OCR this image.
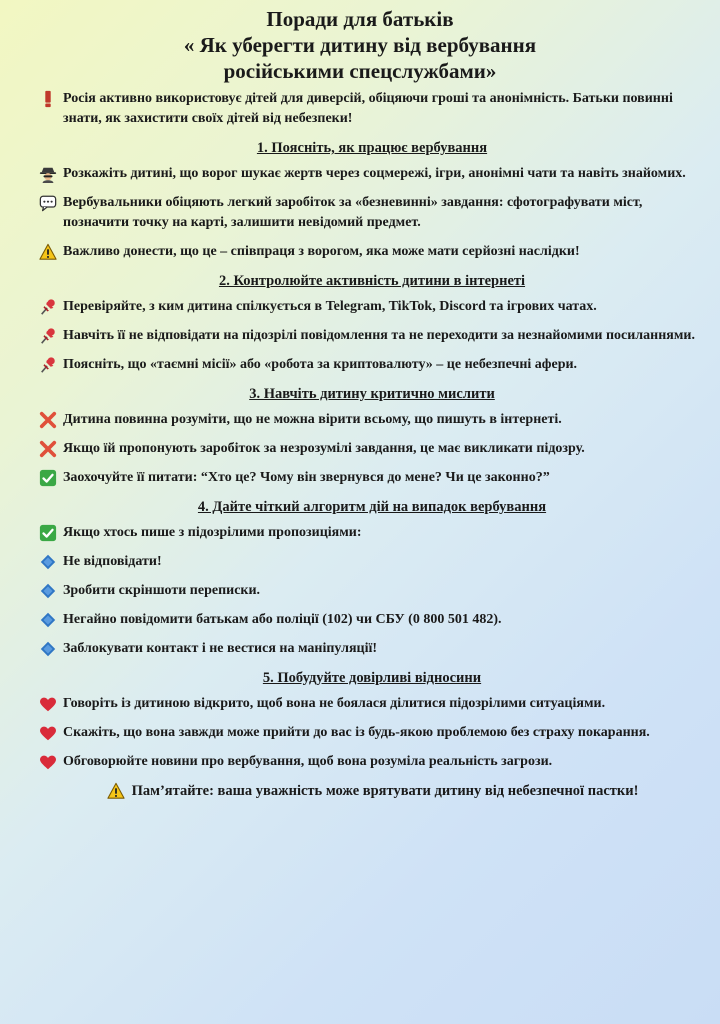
Поради для батьків
« Як уберегти дитину від вербування
російськими спецслужбами»
Росія активно використовує дітей для диверсій, обіцяючи гроші та анонімність. Батьки повинні знати, як захистити своїх дітей від небезпеки!
1. Поясніть, як працює вербування
Розкажіть дитині, що ворог шукає жертв через соцмережі, ігри, анонімні чати та навіть знайомих.
Вербувальники обіцяють легкий заробіток за «безневинні» завдання: сфотографувати міст, позначити точку на карті, залишити невідомий предмет.
Важливо донести, що це – співпраця з ворогом, яка може мати серйозні наслідки!
2. Контролюйте активність дитини в інтернеті
Перевіряйте, з ким дитина спілкується в Telegram, TikTok, Discord та ігрових чатах.
Навчіть її не відповідати на підозрілі повідомлення та не переходити за незнайомими посиланнями.
Поясніть, що «таємні місії» або «робота за криптовалюту» – це небезпечні афери.
3. Навчіть дитину критично мислити
Дитина повинна розуміти, що не можна вірити всьому, що пишуть в інтернеті.
Якщо їй пропонують заробіток за незрозумілі завдання, це має викликати підозру.
Заохочуйте її питати: “Хто це? Чому він звернувся до мене? Чи це законно?”
4. Дайте чіткий алгоритм дій на випадок вербування
Якщо хтось пише з підозрілими пропозиціями:
Не відповідати!
Зробити скріншоти переписки.
Негайно повідомити батькам або поліції (102) чи СБУ (0 800 501 482).
Заблокувати контакт і не вестися на маніпуляції!
5. Побудуйте довірливі відносини
Говоріть із дитиною відкрито, щоб вона не боялася ділитися підозрілими ситуаціями.
Скажіть, що вона завжди може прийти до вас із будь-якою проблемою без страху покарання.
Обговорюйте новини про вербування, щоб вона розуміла реальність загрози.
Пам’ятайте: ваша уважність може врятувати дитину від небезпечної пастки!
